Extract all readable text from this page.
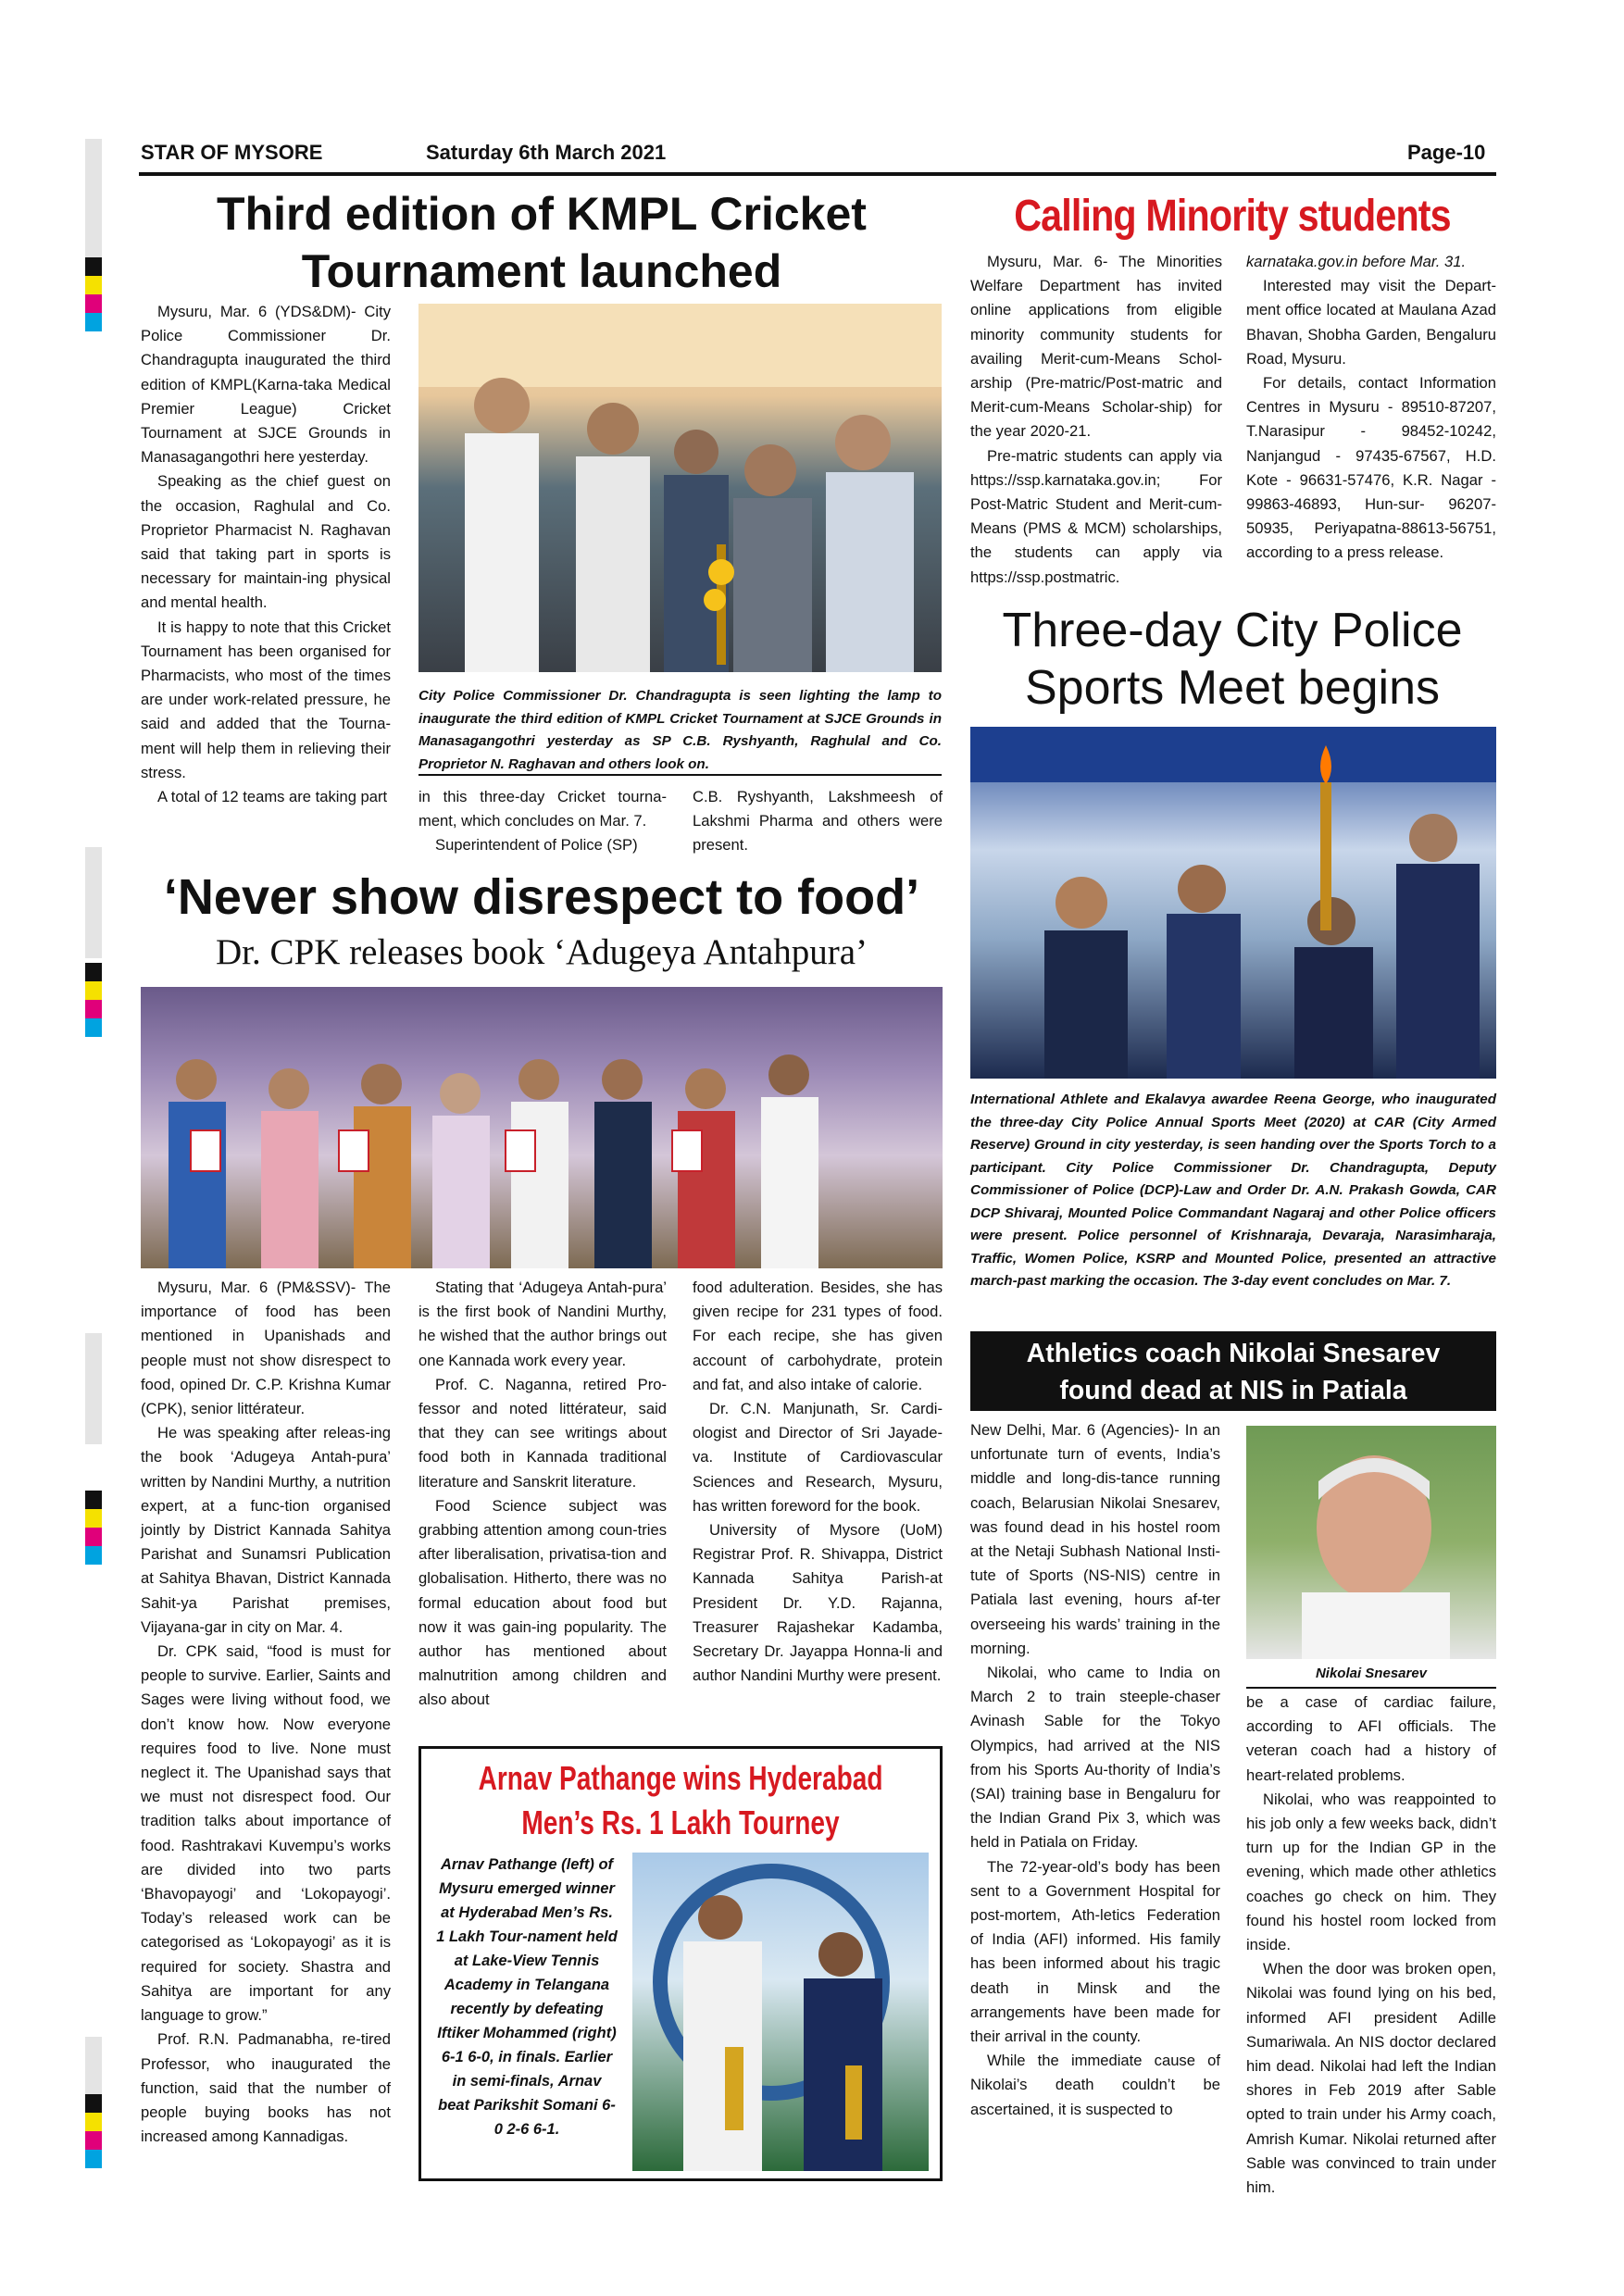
STAR OF MYSORE	Saturday 6th March 2021	Page-10
Third edition of KMPL Cricket
Tournament launched

Mysuru, Mar. 6 (YDS&DM)- City Police Commissioner Dr. Chandragupta inaugurated the third edition of KMPL(Karna-taka Medical Premier League) Cricket Tournament at SJCE Grounds in Manasagangothri here yesterday.

Speaking as the chief guest on the occasion, Raghulal and Co. Proprietor Pharmacist N. Raghavan said that taking part in sports is necessary for maintain-ing physical and mental health.

It is happy to note that this Cricket Tournament has been organised for Pharmacists, who most of the times are under work-related pressure, he said and added that the Tourna-ment will help them in relieving their stress.

A total of 12 teams are taking part

City Police Commissioner Dr. Chandragupta is seen lighting the lamp to inaugurate the third edition of KMPL Cricket Tournament at SJCE Grounds in Manasagangothri yesterday as SP C.B. Ryshyanth, Raghulal and Co. Proprietor N. Raghavan and others look on.

in this three-day Cricket tourna-ment, which concludes on Mar. 7.

Superintendent of Police (SP)

C.B. Ryshyanth, Lakshmeesh of Lakshmi Pharma and others were present.

Calling Minority students

Mysuru, Mar. 6- The Minorities Welfare Department has invited online applications from eligible minority community students for availing Merit-cum-Means Schol-arship (Pre-matric/Post-matric and Merit-cum-Means Scholar-ship) for the year 2020-21.

Pre-matric students can apply via https://ssp.karnataka.gov.in; For Post-Matric Student and Merit-cum-Means (PMS & MCM) scholarships, the students can apply via https://ssp.postmatric.

karnataka.gov.in before Mar. 31.

Interested may visit the Depart-ment office located at Maulana Azad Bhavan, Shobha Garden, Bengaluru Road, Mysuru.

For details, contact Information Centres in Mysuru - 89510-87207, T.Narasipur - 98452-10242, Nanjangud - 97435-67567, H.D. Kote - 96631-57476, K.R. Nagar - 99863-46893, Hun-sur- 96207-50935, Periyapatna-88613-56751, according to a press release.

Three-day City Police
Sports Meet begins
International Athlete and Ekalavya awardee Reena George, who inaugurated the three-day City Police Annual Sports Meet (2020) at CAR (City Armed Reserve) Ground in city yesterday, is seen handing over the Sports Torch to a participant. City Police Commissioner Dr. Chandragupta, Deputy Commissioner of Police (DCP)-Law and Order Dr. A.N. Prakash Gowda, CAR DCP Shivaraj, Mounted Police Commandant Nagaraj and other Police officers were present. Police personnel of Krishnaraja, Devaraja, Narasimharaja, Traffic, Women Police, KSRP and Mounted Police, presented an attractive march-past marking the occasion. The 3-day event concludes on Mar. 7.
‘Never show disrespect to food’
Dr. CPK releases book ‘Adugeya Antahpura’

Mysuru, Mar. 6 (PM&SSV)- The importance of food has been mentioned in Upanishads and people must not show disrespect to food, opined Dr. C.P. Krishna Kumar (CPK), senior littérateur.

He was speaking after releas-ing the book ‘Adugeya Antah-pura’ written by Nandini Murthy, a nutrition expert, at a func-tion organised jointly by District Kannada Sahitya Parishat and Sunamsri Publication at Sahitya Bhavan, District Kannada Sahit-ya Parishat premises, Vijayana-gar in city on Mar. 4.

Dr. CPK said, “food is must for people to survive. Earlier, Saints and Sages were living without food, we don’t know how. Now everyone requires food to live. None must neglect it. The Upanishad says that we must not disrespect food. Our tradition talks about importance of food. Rashtrakavi Kuvempu’s works are divided into two parts ‘Bhavopayogi’ and ‘Lokopayogi’. Today’s released work can be categorised as ‘Lokopayogi’ as it is required for society. Shastra and Sahitya are important for any language to grow.”

Prof. R.N. Padmanabha, re-tired Professor, who inaugurated the function, said that the number of people buying books has not increased among Kannadigas.

Stating that ‘Adugeya Antah-pura’ is the first book of Nandini Murthy, he wished that the author brings out one Kannada work every year.

Prof. C. Naganna, retired Pro-fessor and noted littérateur, said that they can see writings about food both in Kannada traditional literature and Sanskrit literature.

Food Science subject was grabbing attention among coun-tries after liberalisation, privatisa-tion and globalisation. Hitherto, there was no formal education about food but now it was gain-ing popularity. The author has mentioned about malnutrition among children and also about

food adulteration. Besides, she has given recipe for 231 types of food. For each recipe, she has given account of carbohydrate, protein and fat, and also intake of calorie.

Dr. C.N. Manjunath, Sr. Cardi-ologist and Director of Sri Jayade-va. Institute of Cardiovascular Sciences and Research, Mysuru, has written foreword for the book.

University of Mysore (UoM) Registrar Prof. R. Shivappa, District Kannada Sahitya Parish-at President Dr. Y.D. Rajanna, Treasurer Rajashekar Kadamba, Secretary Dr. Jayappa Honna-li and author Nandini Murthy were present.

Arnav Pathange wins Hyderabad
Men’s Rs. 1 Lakh Tourney
Arnav Pathange (left) of Mysuru emerged winner at Hyderabad Men’s Rs. 1 Lakh Tour-nament held at Lake-View Tennis Academy in Telangana recently by defeating Iftiker Mohammed (right) 6-1 6-0, in finals. Earlier in semi-finals, Arnav beat Parikshit Somani 6-0 2-6 6-1.
Athletics coach Nikolai Snesarev
found dead at NIS in Patiala

New Delhi, Mar. 6 (Agencies)- In an unfortunate turn of events, India’s middle and long-dis-tance running coach, Belarusian Nikolai Snesarev, was found dead in his hostel room at the Netaji Subhash National Insti-tute of Sports (NS-NIS) centre in Patiala last evening, hours af-ter overseeing his wards’ training in the morning.

Nikolai, who came to India on March 2 to train steeple-chaser Avinash Sable for the Tokyo Olympics, had arrived at the NIS from his Sports Au-thority of India’s (SAI) training base in Bengaluru for the Indian Grand Pix 3, which was held in Patiala on Friday.

The 72-year-old’s body has been sent to a Government Hospital for post-mortem, Ath-letics Federation of India (AFI) informed. His family has been informed about his tragic death in Minsk and the arrangements have been made for their arrival in the county.

While the immediate cause of Nikolai’s death couldn’t be ascertained, it is suspected to

Nikolai Snesarev

be a case of cardiac failure, according to AFI officials. The veteran coach had a history of heart-related problems.

Nikolai, who was reappointed to his job only a few weeks back, didn’t turn up for the Indian GP in the evening, which made other athletics coaches go check on him. They found his hostel room locked from inside.

When the door was broken open, Nikolai was found lying on his bed, informed AFI president Adille Sumariwala. An NIS doctor declared him dead. Nikolai had left the Indian shores in Feb 2019 after Sable opted to train under his Army coach, Amrish Kumar. Nikolai returned after Sable was convinced to train under him.
